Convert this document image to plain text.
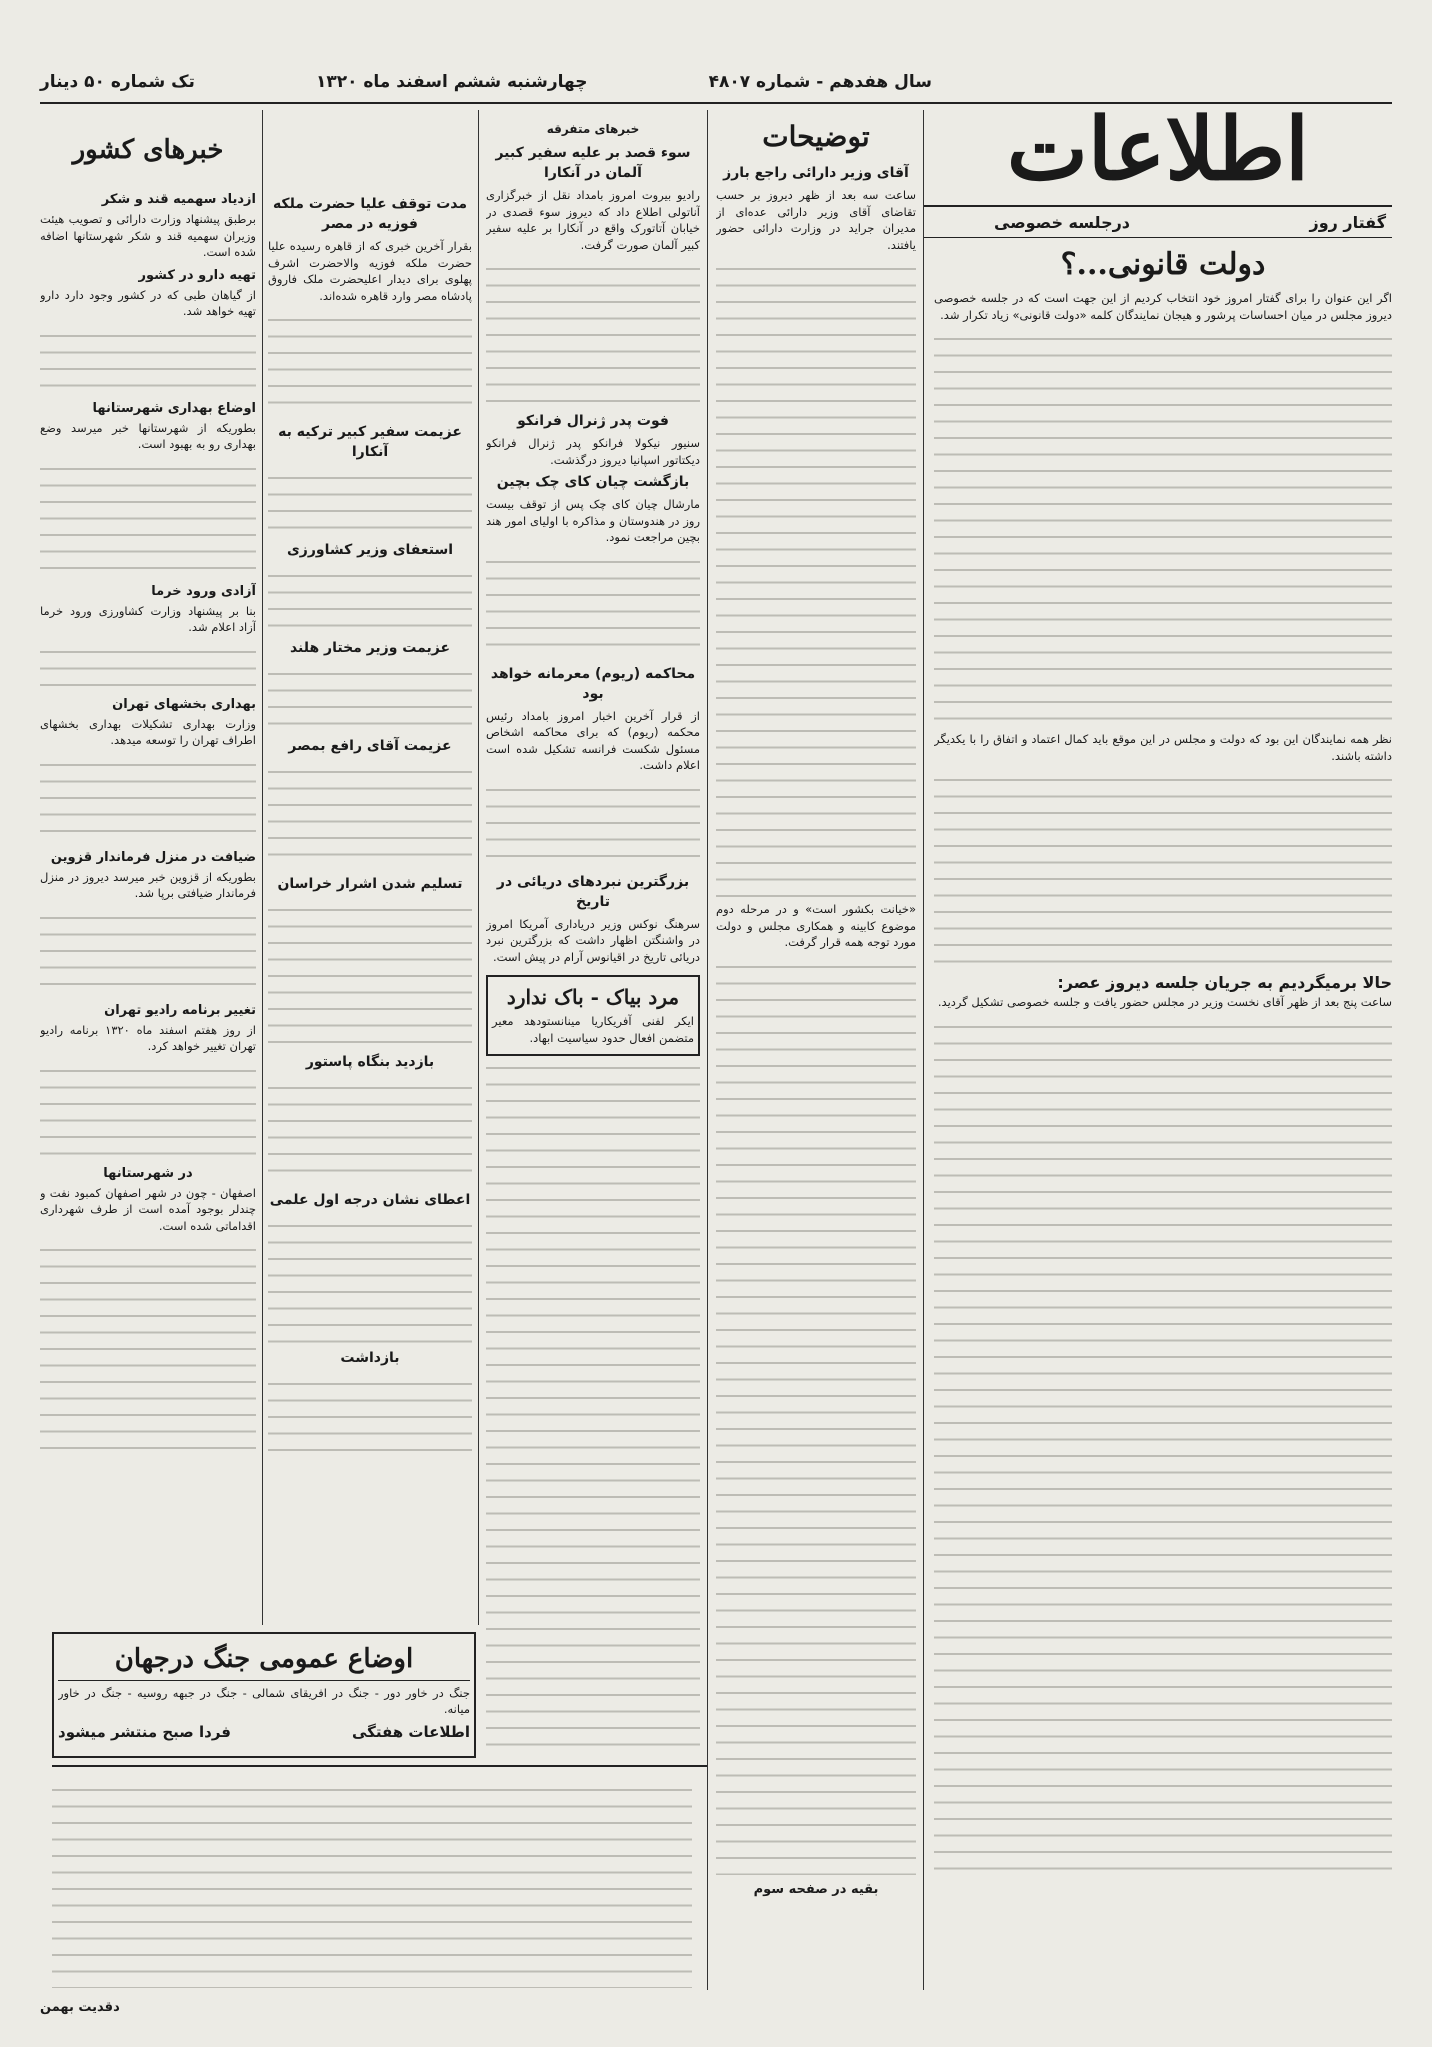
سال هفدهم - شماره ۴۸۰۷
چهارشنبه ششم اسفند ماه ۱۳۲۰
تک شماره ۵۰ دینار
اطلاعات
گفتار روز
درجلسه خصوصی
دولت قانونی...؟

اگر این عنوان را برای گفتار امروز خود انتخاب کردیم از این جهت است که در جلسه خصوصی دیروز مجلس در میان احساسات پرشور و هیجان نمایندگان کلمه «دولت قانونی» زیاد تکرار شد.

نظر همه نمایندگان این بود که دولت و مجلس در این موقع باید کمال اعتماد و اتفاق را با یکدیگر داشته باشند.

حالا برمیگردیم به جریان جلسه دیروز عصر:

ساعت پنج بعد از ظهر آقای نخست وزیر در مجلس حضور یافت و جلسه خصوصی تشکیل گردید.

توضیحات
آقای وزیر دارائی راجع بارز

ساعت سه بعد از ظهر دیروز بر حسب تقاضای آقای وزیر دارائی عده‌ای از مدیران جراید در وزارت دارائی حضور یافتند.

«خیانت بکشور است» و در مرحله دوم موضوع کابینه و همکاری مجلس و دولت مورد توجه همه قرار گرفت.

بقیه در صفحه سوم
خبرهای متفرقه
سوء قصد بر علیه سفیر کبیر آلمان در آنکارا

رادیو بیروت امروز بامداد نقل از خبرگزاری آناتولی اطلاع داد که دیروز سوء قصدی در خیابان آتاتورک واقع در آنکارا بر علیه سفیر کبیر آلمان صورت گرفت.

فوت پدر ژنرال فرانکو

سنیور نیکولا فرانکو پدر ژنرال فرانکو دیکتاتور اسپانیا دیروز درگذشت.

بازگشت چیان کای چک بچین

مارشال چیان کای چک پس از توقف بیست روز در هندوستان و مذاکره با اولیای امور هند بچین مراجعت نمود.

محاکمه (ریوم) معرمانه خواهد بود

از قرار آخرین اخبار امروز بامداد رئیس محکمه (ریوم) که برای محاکمه اشخاص مسئول شکست فرانسه تشکیل شده است اعلام داشت.

بزرگترین نبردهای دریائی در تاریخ

سرهنگ نوکس وزیر دریاداری آمریکا امروز در واشنگتن اظهار داشت که بزرگترین نبرد دریائی تاریخ در اقیانوس آرام در پیش است.

مرد بیاک - باک ندارد

ایکر لفنی آفریکاریا مینانستودهد معیر متضمن افعال حدود سیاسیت ابهاد.

مدت توقف علیا حضرت ملکه فوزیه در مصر

بقرار آخرین خبری که از قاهره رسیده علیا حضرت ملکه فوزیه والاحضرت اشرف پهلوی برای دیدار اعلیحضرت ملک فاروق پادشاه مصر وارد قاهره شده‌اند.

عزیمت سفیر کبیر ترکیه به آنکارا

استعفای وزیر کشاورزی

عزیمت وزیر مختار هلند

عزیمت آقای رافع بمصر

تسلیم شدن اشرار خراسان

بازدید بنگاه پاستور

اعطای نشان درجه اول علمی

بازداشت

خبرهای کشور
ازدیاد سهمیه قند و شکر

برطبق پیشنهاد وزارت دارائی و تصویب هیئت وزیران سهمیه قند و شکر شهرستانها اضافه شده است.

تهیه دارو در کشور

از گیاهان طبی که در کشور وجود دارد دارو تهیه خواهد شد.

اوضاع بهداری شهرستانها

بطوریکه از شهرستانها خبر میرسد وضع بهداری رو به بهبود است.

آزادی ورود خرما

بنا بر پیشنهاد وزارت کشاورزی ورود خرما آزاد اعلام شد.

بهداری بخشهای تهران

وزارت بهداری تشکیلات بهداری بخشهای اطراف تهران را توسعه میدهد.

ضیافت در منزل فرماندار قزوین

بطوریکه از قزوین خبر میرسد دیروز در منزل فرماندار ضیافتی برپا شد.

تغییر برنامه رادیو تهران

از روز هفتم اسفند ماه ۱۳۲۰ برنامه رادیو تهران تغییر خواهد کرد.

در شهرستانها

اصفهان - چون در شهر اصفهان کمبود نفت و چندلر بوجود آمده است از طرف شهرداری اقداماتی شده است.

اوضاع عمومی جنگ درجهان
جنگ در خاور دور - جنگ در افریقای شمالی - جنگ در جبهه روسیه - جنگ در خاور میانه.
اطلاعات هفتگی
فردا صبح منتشر میشود
دقدیت بهمن
